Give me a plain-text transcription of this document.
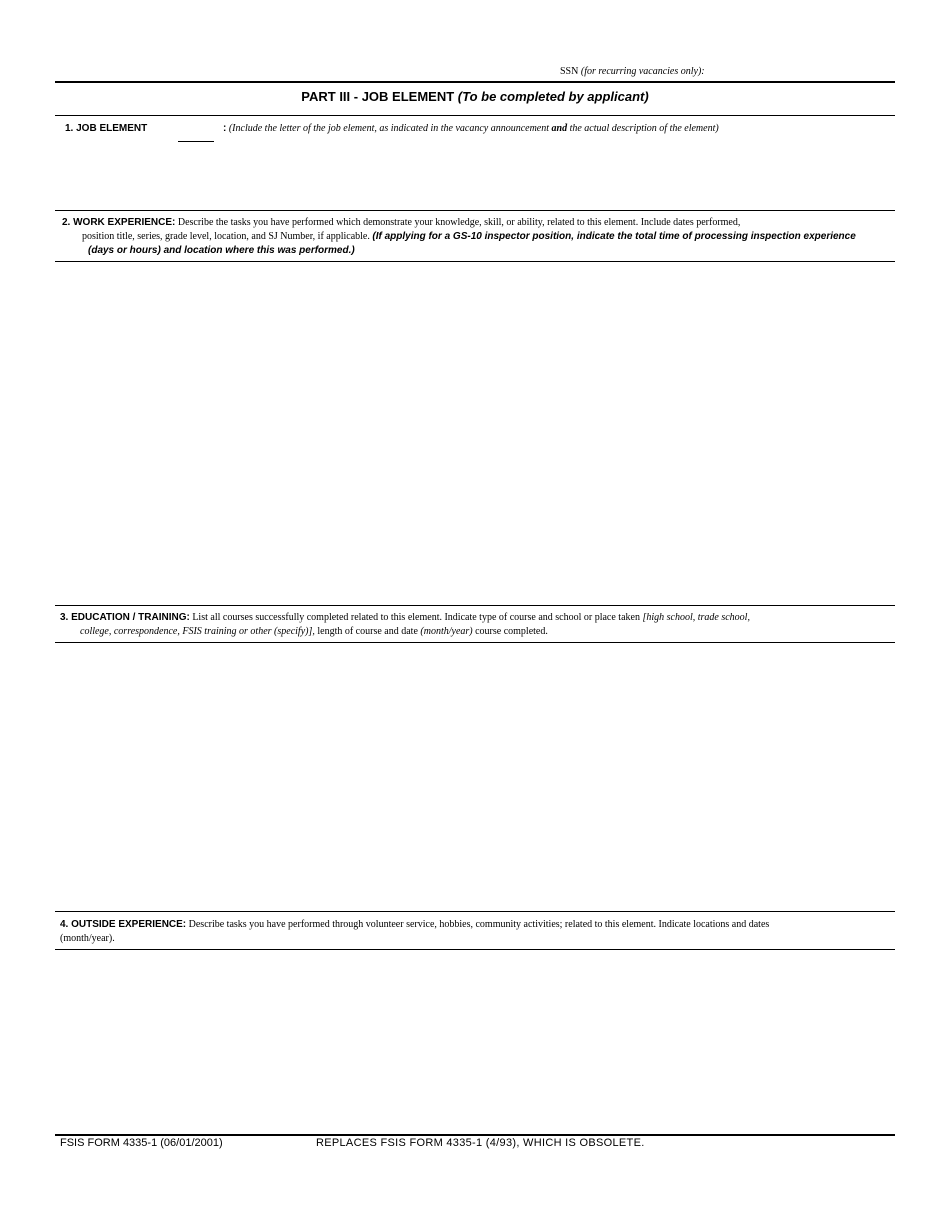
SSN (for recurring vacancies only):
PART III - JOB ELEMENT (To be completed by applicant)
1. JOB ELEMENT	: (Include the letter of the job element, as indicated in the vacancy announcement and the actual description of the element)
2. WORK EXPERIENCE: Describe the tasks you have performed which demonstrate your knowledge, skill, or ability, related to this element. Include dates performed,
position title, series, grade level, location, and SJ Number, if applicable. (If applying for a GS-10 inspector position, indicate the total time of processing inspection experience
(days or hours) and location where this was performed.)
3. EDUCATION / TRAINING: List all courses successfully completed related to this element. Indicate type of course and school or place taken [high school, trade school,
college, correspondence, FSIS training or other (specify)], length of course and date (month/year) course completed.
4. OUTSIDE EXPERIENCE: Describe tasks you have performed through volunteer service, hobbies, community activities; related to this element. Indicate locations and dates
(month/year).
FSIS FORM 4335-1 (06/01/2001)	REPLACES FSIS FORM 4335-1 (4/93), WHICH IS OBSOLETE.
